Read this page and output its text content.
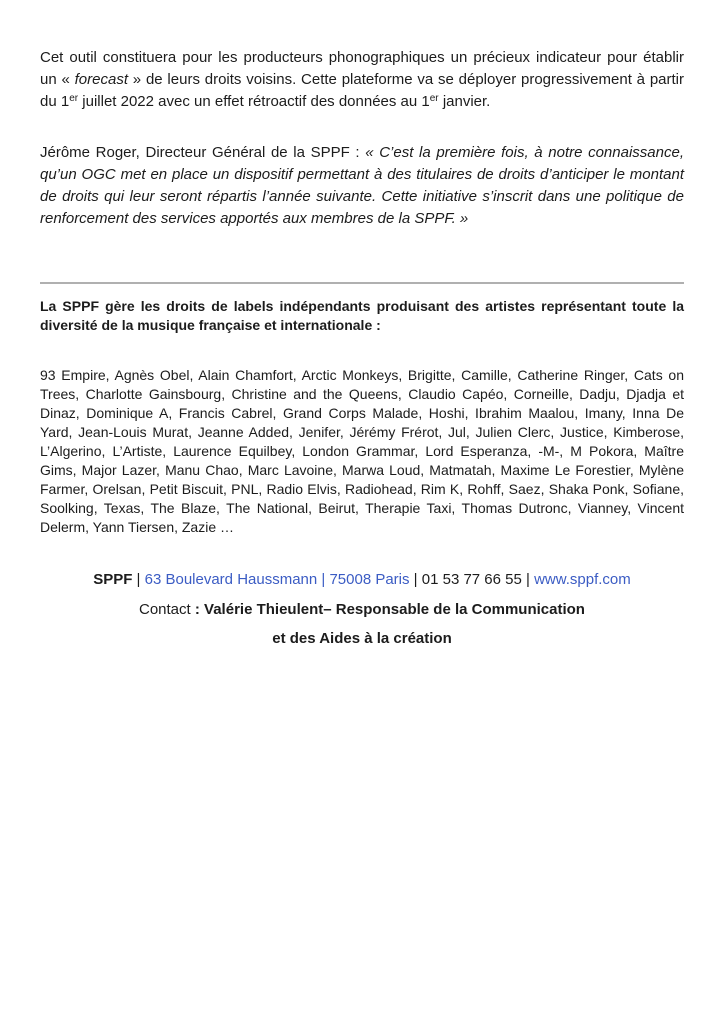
Cet outil constituera pour les producteurs phonographiques un précieux indicateur pour établir un « forecast » de leurs droits voisins. Cette plateforme va se déployer progressivement à partir du 1er juillet 2022 avec un effet rétroactif des données au 1er janvier.

Jérôme Roger, Directeur Général de la SPPF : « C’est la première fois, à notre connaissance, qu’un OGC met en place un dispositif permettant à des titulaires de droits d’anticiper le montant de droits qui leur seront répartis l’année suivante. Cette initiative s’inscrit dans une politique de renforcement des services apportés aux membres de la SPPF. »

La SPPF gère les droits de labels indépendants produisant des artistes représentant toute la diversité de la musique française et internationale :

93 Empire, Agnès Obel, Alain Chamfort, Arctic Monkeys, Brigitte, Camille, Catherine Ringer, Cats on Trees, Charlotte Gainsbourg, Christine and the Queens, Claudio Capéo, Corneille, Dadju, Djadja et Dinaz, Dominique A, Francis Cabrel, Grand Corps Malade, Hoshi, Ibrahim Maalou, Imany, Inna De Yard, Jean-Louis Murat, Jeanne Added, Jenifer, Jérémy Frérot, Jul, Julien Clerc, Justice, Kimberose, L’Algerino, L’Artiste, Laurence Equilbey, London Grammar, Lord Esperanza, -M-, M Pokora, Maître Gims, Major Lazer, Manu Chao, Marc Lavoine, Marwa Loud, Matmatah, Maxime Le Forestier, Mylène Farmer, Orelsan, Petit Biscuit, PNL, Radio Elvis, Radiohead, Rim K, Rohff, Saez, Shaka Ponk, Sofiane, Soolking, Texas, The Blaze, The National, Beirut, Therapie Taxi, Thomas Dutronc, Vianney, Vincent Delerm, Yann Tiersen, Zazie …

SPPF | 63 Boulevard Haussmann | 75008 Paris | 01 53 77 66 55 | www.sppf.com

Contact : Valérie Thieulent– Responsable de la Communication

et des Aides à la création
